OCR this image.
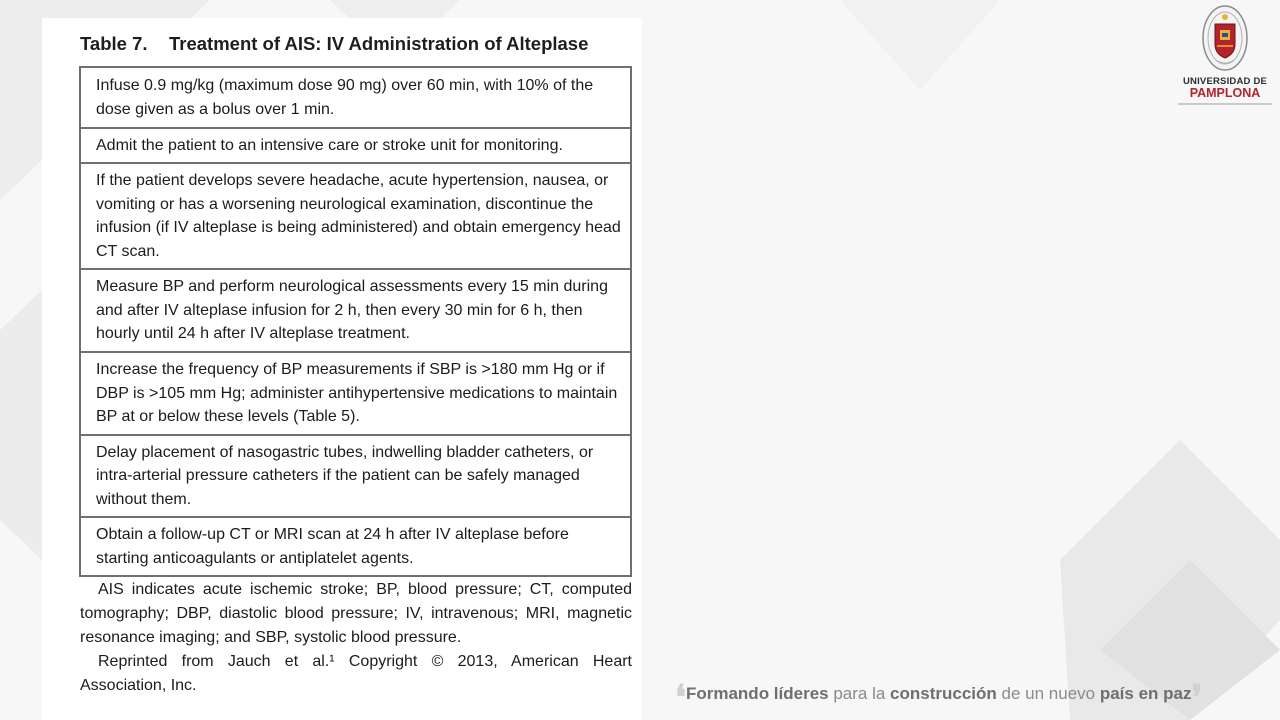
Table 7. Treatment of AIS: IV Administration of Alteplase
Infuse 0.9 mg/kg (maximum dose 90 mg) over 60 min, with 10% of the dose given as a bolus over 1 min.
Admit the patient to an intensive care or stroke unit for monitoring.
If the patient develops severe headache, acute hypertension, nausea, or vomiting or has a worsening neurological examination, discontinue the infusion (if IV alteplase is being administered) and obtain emergency head CT scan.
Measure BP and perform neurological assessments every 15 min during and after IV alteplase infusion for 2 h, then every 30 min for 6 h, then hourly until 24 h after IV alteplase treatment.
Increase the frequency of BP measurements if SBP is >180 mm Hg or if DBP is >105 mm Hg; administer antihypertensive medications to maintain BP at or below these levels (Table 5).
Delay placement of nasogastric tubes, indwelling bladder catheters, or intra-arterial pressure catheters if the patient can be safely managed without them.
Obtain a follow-up CT or MRI scan at 24 h after IV alteplase before starting anticoagulants or antiplatelet agents.

AIS indicates acute ischemic stroke; BP, blood pressure; CT, computed tomography; DBP, diastolic blood pressure; IV, intravenous; MRI, magnetic resonance imaging; and SBP, systolic blood pressure.

Reprinted from Jauch et al.¹ Copyright © 2013, American Heart Association, Inc.

UNIVERSIDAD DE
PAMPLONA
❛Formando líderes para la construcción de un nuevo país en paz❜
